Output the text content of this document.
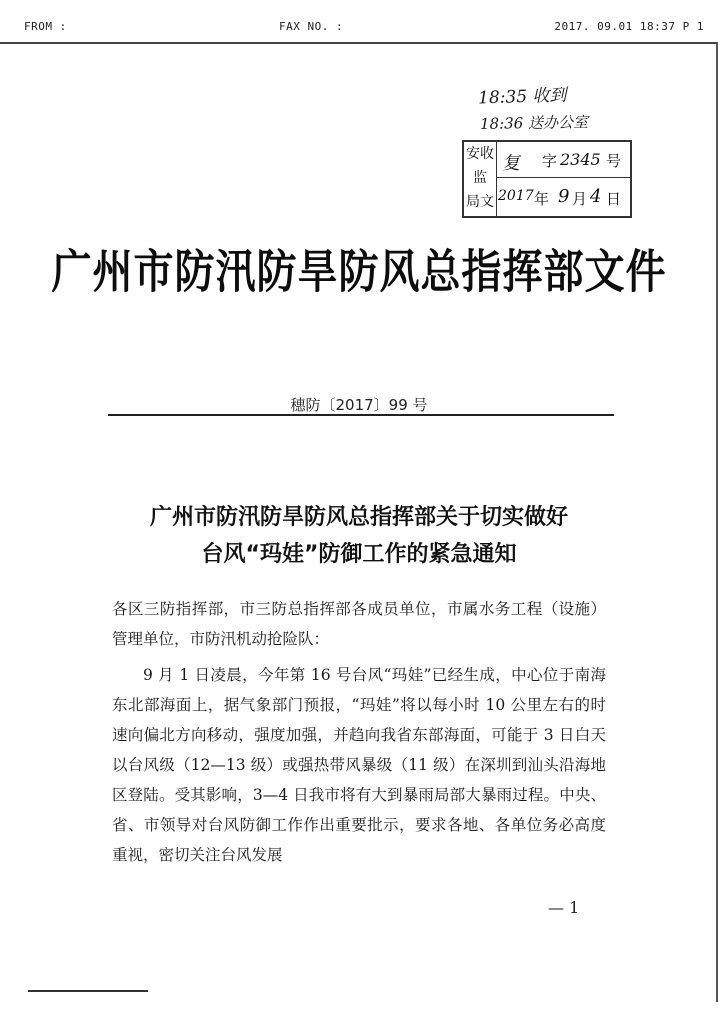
FROM :	FAX NO. :	2017. 09.01 18:37 P 1
18:35 收到
18:36 送办公室
安收
监
局文
复 字 2345 号
2017 年 9 月 4 日
广州市防汛防旱防风总指挥部文件
穗防〔2017〕99 号
广州市防汛防旱防风总指挥部关于切实做好
台风“玛娃”防御工作的紧急通知
各区三防指挥部，市三防总指挥部各成员单位，市属水务工程（设施）管理单位，市防汛机动抢险队：
9 月 1 日凌晨，今年第 16 号台风“玛娃”已经生成，中心位于南海东北部海面上，据气象部门预报，“玛娃”将以每小时 10 公里左右的时速向偏北方向移动，强度加强，并趋向我省东部海面，可能于 3 日白天以台风级（12—13 级）或强热带风暴级（11 级）在深圳到汕头沿海地区登陆。受其影响，3—4 日我市将有大到暴雨局部大暴雨过程。中央、省、市领导对台风防御工作作出重要批示，要求各地、各单位务必高度重视，密切关注台风发展
— 1
